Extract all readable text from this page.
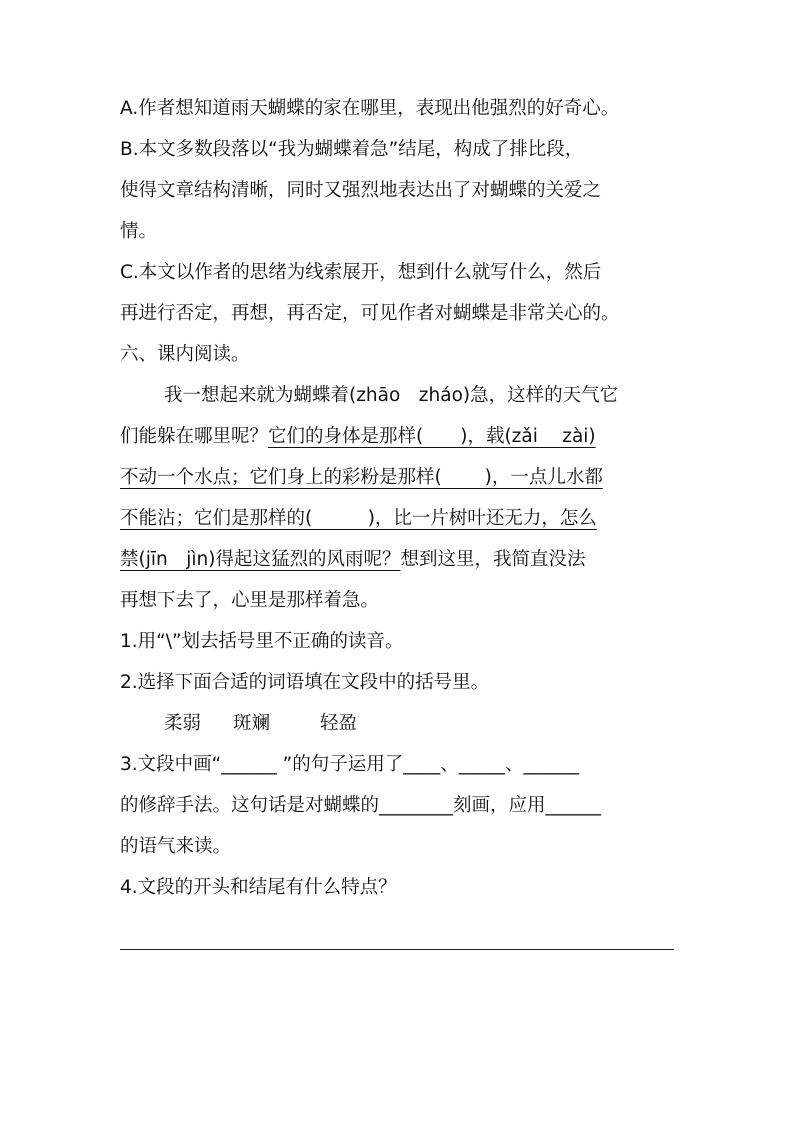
A.作者想知道雨天蝴蝶的家在哪里，表现出他强烈的好奇心。
B.本文多数段落以“我为蝴蝶着急”结尾，构成了排比段，
使得文章结构清晰，同时又强烈地表达出了对蝴蝶的关爱之
情。
C.本文以作者的思绪为线索展开，想到什么就写什么，然后
再进行否定，再想，再否定，可见作者对蝴蝶是非常关心的。
六、课内阅读。
我一想起来就为蝴蝶着(zhāo　zháo)急，这样的天气它
们能躲在哪里呢？它们的身体是那样(　　)，载(zǎi　 zài)
不动一个水点；它们身上的彩粉是那样(　　 )，一点儿水都
不能沾；它们是那样的(　　　)，比一片树叶还无力，怎么
禁(jīn　jìn)得起这猛烈的风雨呢？想到这里，我简直没法
再想下去了，心里是那样着急。
1.用“\”划去括号里不正确的读音。
2.选择下面合适的词语填在文段中的括号里。
柔弱 斑斓	轻盈
3.文段中画“______ ”的句子运用了____、_____、______
的修辞手法。这句话是对蝴蝶的________刻画，应用______
的语气来读。
4.文段的开头和结尾有什么特点？
